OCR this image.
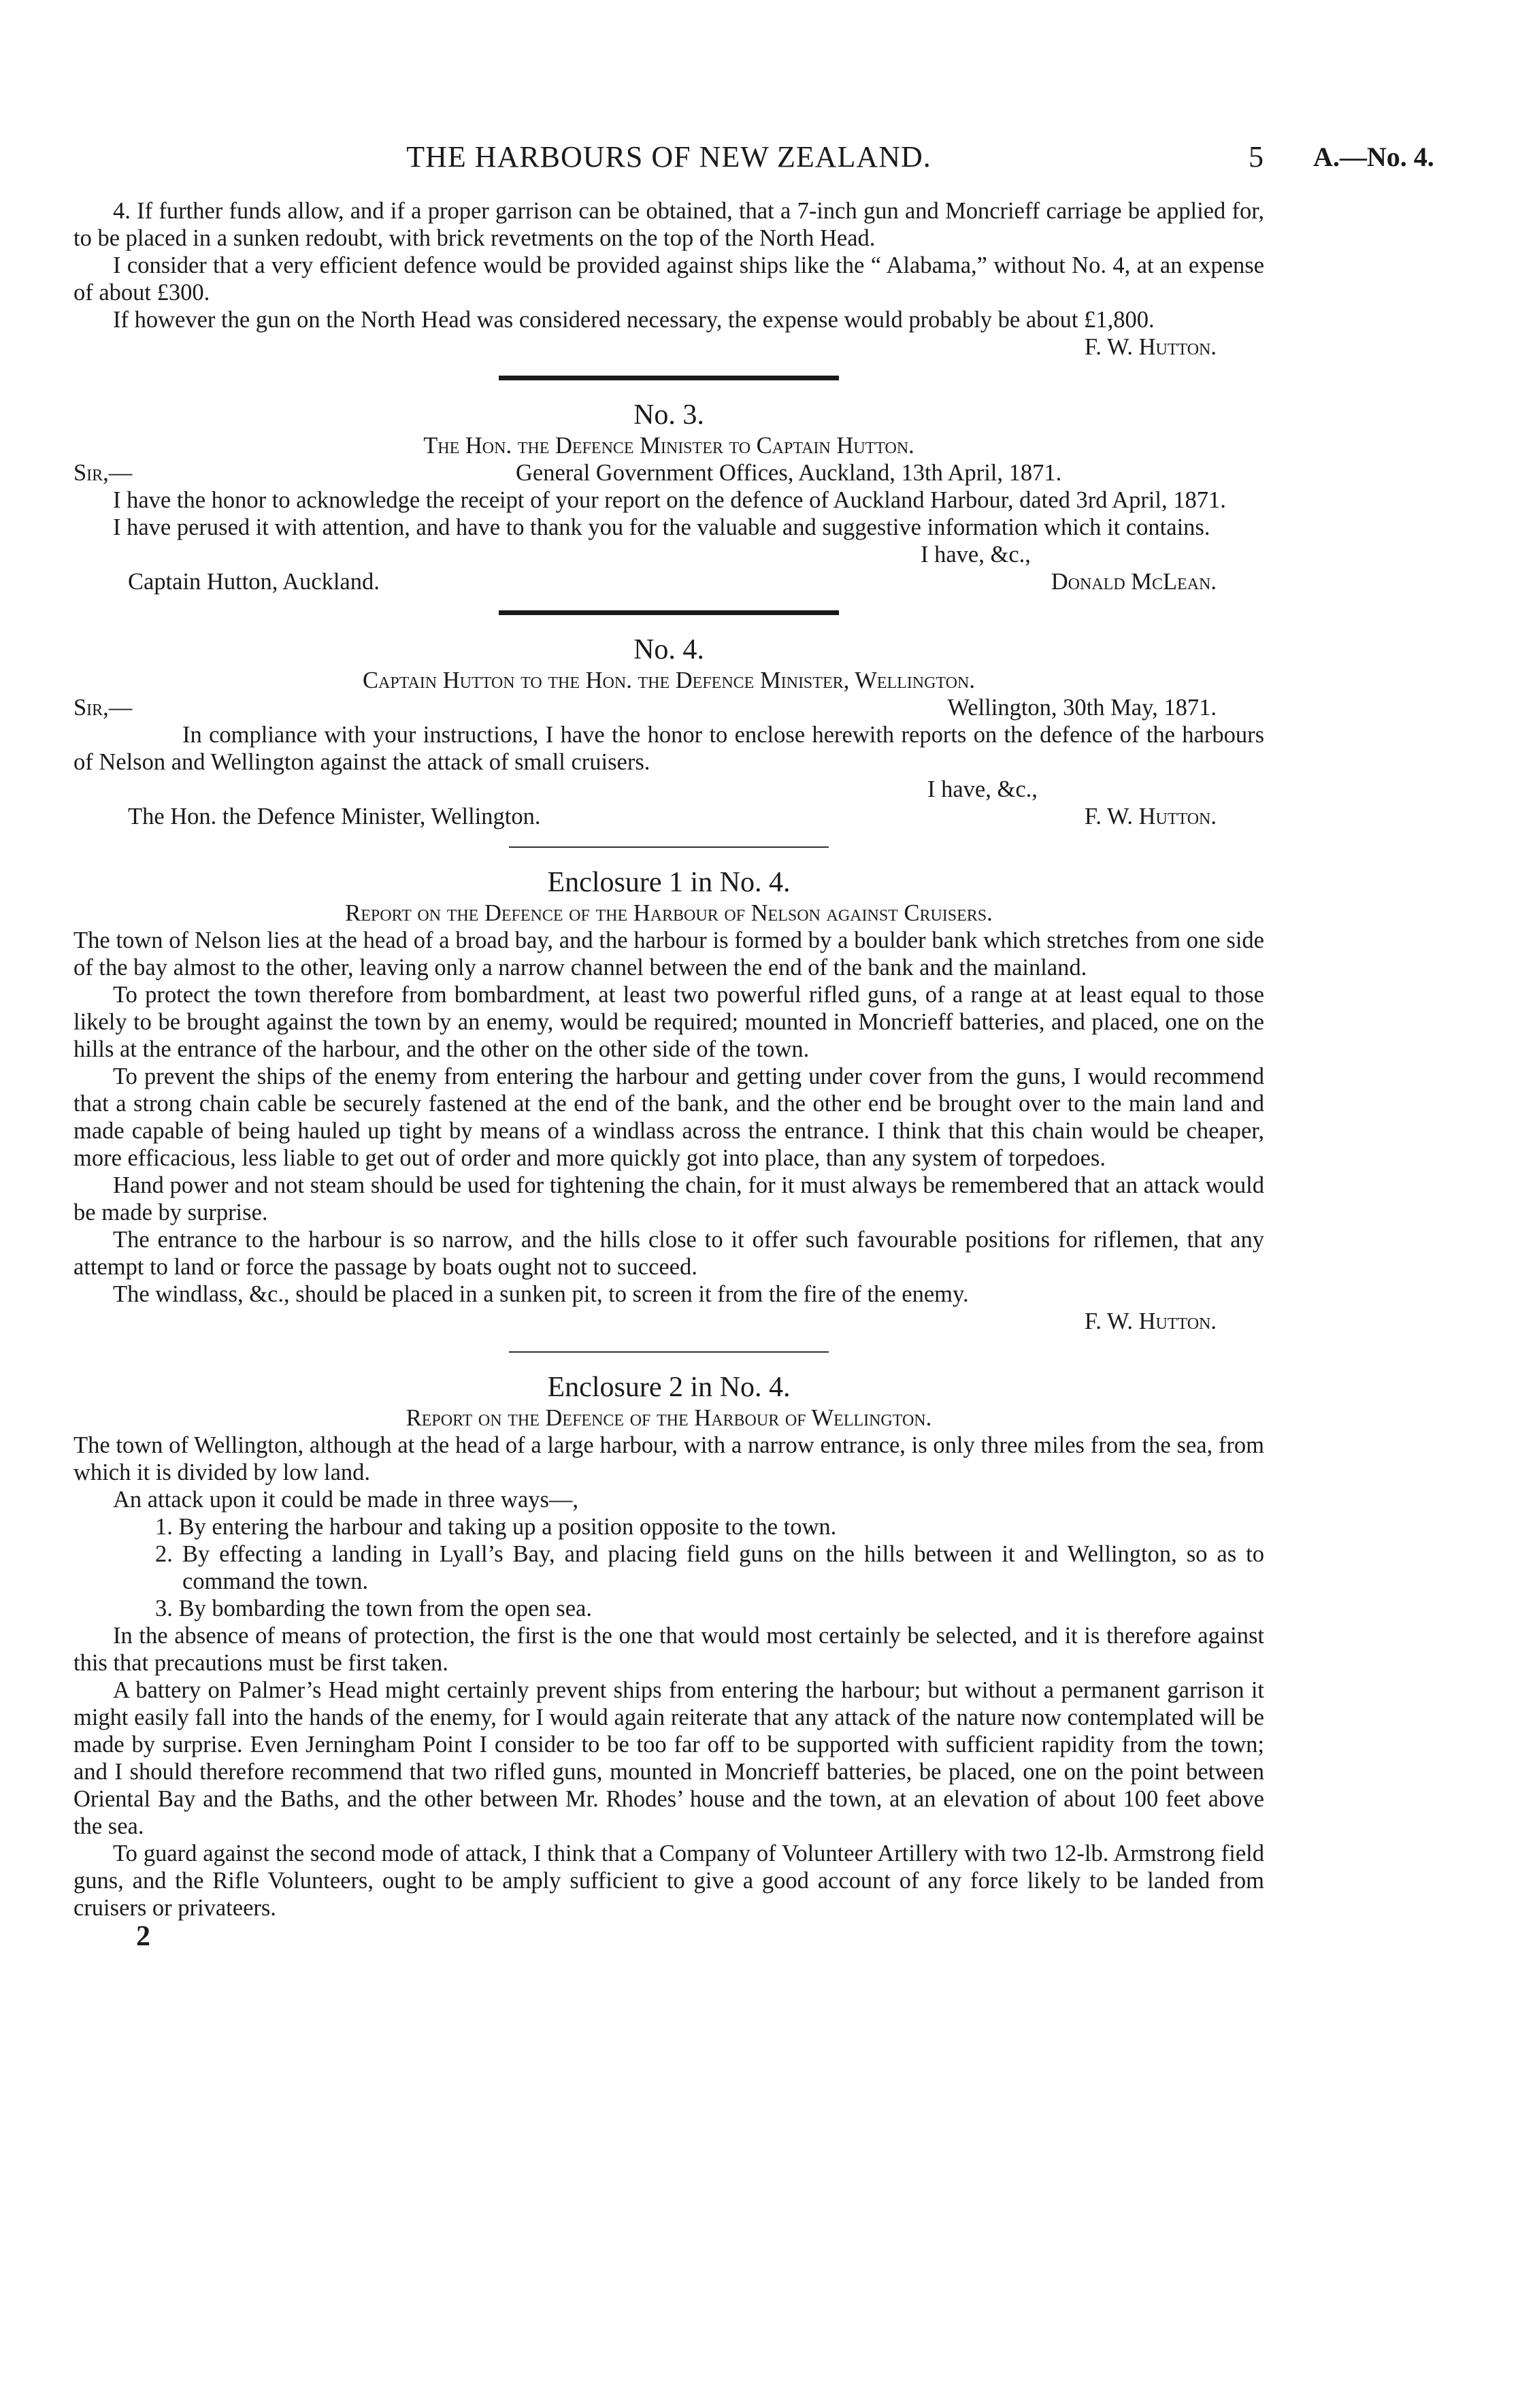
THE HARBOURS OF NEW ZEALAND.	5 A.—No. 4.

4. If further funds allow, and if a proper garrison can be obtained, that a 7-inch gun and Moncrieff carriage be applied for, to be placed in a sunken redoubt, with brick revetments on the top of the North Head.

I consider that a very efficient defence would be provided against ships like the “ Alabama,” without No. 4, at an expense of about £300.

If however the gun on the North Head was considered necessary, the expense would probably be about £1,800.

F. W. Hutton.

No. 3.

The Hon. the Defence Minister to Captain Hutton.

Sir,—	General Government Offices, Auckland, 13th April, 1871.

I have the honor to acknowledge the receipt of your report on the defence of Auckland Harbour, dated 3rd April, 1871.

I have perused it with attention, and have to thank you for the valuable and suggestive information which it contains.

I have, &c.,

Captain Hutton, Auckland.	Donald McLean.
No. 4.

Captain Hutton to the Hon. the Defence Minister, Wellington.

Sir,—	Wellington, 30th May, 1871.

In compliance with your instructions, I have the honor to enclose herewith reports on the defence of the harbours of Nelson and Wellington against the attack of small cruisers.

I have, &c.,

The Hon. the Defence Minister, Wellington.	F. W. Hutton.
Enclosure 1 in No. 4.

Report on the Defence of the Harbour of Nelson against Cruisers.

The town of Nelson lies at the head of a broad bay, and the harbour is formed by a boulder bank which stretches from one side of the bay almost to the other, leaving only a narrow channel between the end of the bank and the mainland.

To protect the town therefore from bombardment, at least two powerful rifled guns, of a range at at least equal to those likely to be brought against the town by an enemy, would be required; mounted in Moncrieff batteries, and placed, one on the hills at the entrance of the harbour, and the other on the other side of the town.

To prevent the ships of the enemy from entering the harbour and getting under cover from the guns, I would recommend that a strong chain cable be securely fastened at the end of the bank, and the other end be brought over to the main land and made capable of being hauled up tight by means of a windlass across the entrance. I think that this chain would be cheaper, more efficacious, less liable to get out of order and more quickly got into place, than any system of torpedoes.

Hand power and not steam should be used for tightening the chain, for it must always be remembered that an attack would be made by surprise.

The entrance to the harbour is so narrow, and the hills close to it offer such favourable positions for riflemen, that any attempt to land or force the passage by boats ought not to succeed.

The windlass, &c., should be placed in a sunken pit, to screen it from the fire of the enemy.

F. W. Hutton.

Enclosure 2 in No. 4.

Report on the Defence of the Harbour of Wellington.

The town of Wellington, although at the head of a large harbour, with a narrow entrance, is only three miles from the sea, from which it is divided by low land.

An attack upon it could be made in three ways—,

1. By entering the harbour and taking up a position opposite to the town.

2. By effecting a landing in Lyall’s Bay, and placing field guns on the hills between it and Wellington, so as to command the town.

3. By bombarding the town from the open sea.

In the absence of means of protection, the first is the one that would most certainly be selected, and it is therefore against this that precautions must be first taken.

A battery on Palmer’s Head might certainly prevent ships from entering the harbour; but without a permanent garrison it might easily fall into the hands of the enemy, for I would again reiterate that any attack of the nature now contemplated will be made by surprise. Even Jerningham Point I consider to be too far off to be supported with sufficient rapidity from the town; and I should therefore recommend that two rifled guns, mounted in Moncrieff batteries, be placed, one on the point between Oriental Bay and the Baths, and the other between Mr. Rhodes’ house and the town, at an elevation of about 100 feet above the sea.

To guard against the second mode of attack, I think that a Company of Volunteer Artillery with two 12-lb. Armstrong field guns, and the Rifle Volunteers, ought to be amply sufficient to give a good account of any force likely to be landed from cruisers or privateers.

2
